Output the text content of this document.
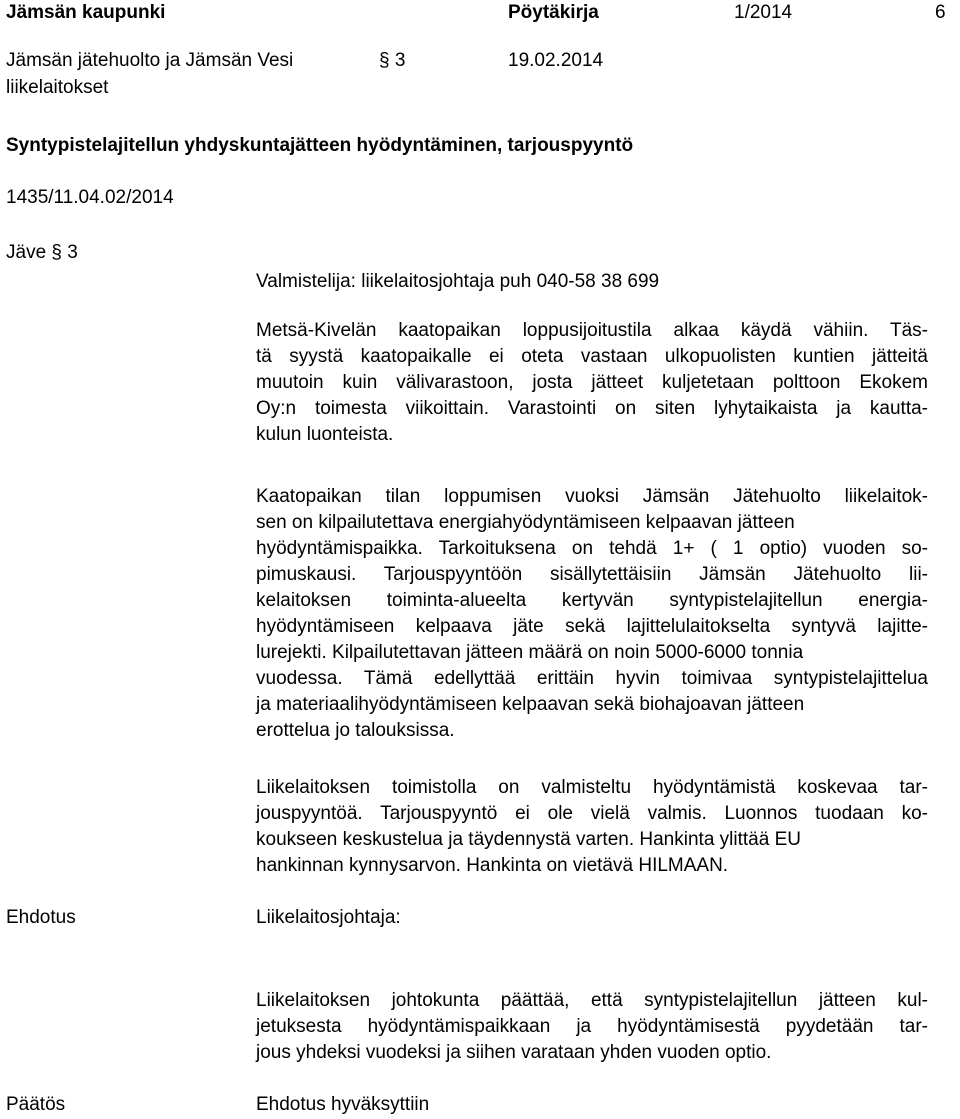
Jämsän kaupunki	Pöytäkirja	1/2014	6
Jämsän jätehuolto ja Jämsän Vesi
liikelaitokset
§ 3	19.02.2014
Syntypistelajitellun yhdyskuntajätteen hyödyntäminen, tarjouspyyntö
1435/11.04.02/2014
Jäve § 3
Valmistelija: liikelaitosjohtaja puh 040-58 38 699
Metsä-Kivelän kaatopaikan loppusijoitustila alkaa käydä vähiin. Täs-
tä syystä kaatopaikalle ei oteta vastaan ulkopuolisten kuntien jätteitä
muutoin kuin välivarastoon, josta jätteet kuljetetaan polttoon Ekokem
Oy:n toimesta viikoittain. Varastointi on siten lyhytaikaista ja kautta-
kulun luonteista.
Kaatopaikan tilan loppumisen vuoksi Jämsän Jätehuolto liikelaitok-
sen on kilpailutettava energiahyödyntämiseen kelpaavan jätteen
hyödyntämispaikka. Tarkoituksena on tehdä 1+ ( 1 optio) vuoden so-
pimuskausi. Tarjouspyyntöön sisällytettäisiin Jämsän Jätehuolto lii-
kelaitoksen toiminta-alueelta kertyvän syntypistelajitellun energia-
hyödyntämiseen kelpaava jäte sekä lajittelulaitokselta syntyvä lajitte-
lurejekti. Kilpailutettavan jätteen määrä on noin 5000-6000 tonnia
vuodessa. Tämä edellyttää erittäin hyvin toimivaa syntypistelajittelua
ja materiaalihyödyntämiseen kelpaavan sekä biohajoavan jätteen
erottelua jo talouksissa.
Liikelaitoksen toimistolla on valmisteltu hyödyntämistä koskevaa tar-
jouspyyntöä. Tarjouspyyntö ei ole vielä valmis. Luonnos tuodaan ko-
koukseen keskustelua ja täydennystä varten. Hankinta ylittää EU
hankinnan kynnysarvon. Hankinta on vietävä HILMAAN.
Ehdotus	Liikelaitosjohtaja:
Liikelaitoksen johtokunta päättää, että syntypistelajitellun jätteen kul-
jetuksesta hyödyntämispaikkaan ja hyödyntämisestä pyydetään tar-
jous yhdeksi vuodeksi ja siihen varataan yhden vuoden optio.
Päätös	Ehdotus hyväksyttiin
